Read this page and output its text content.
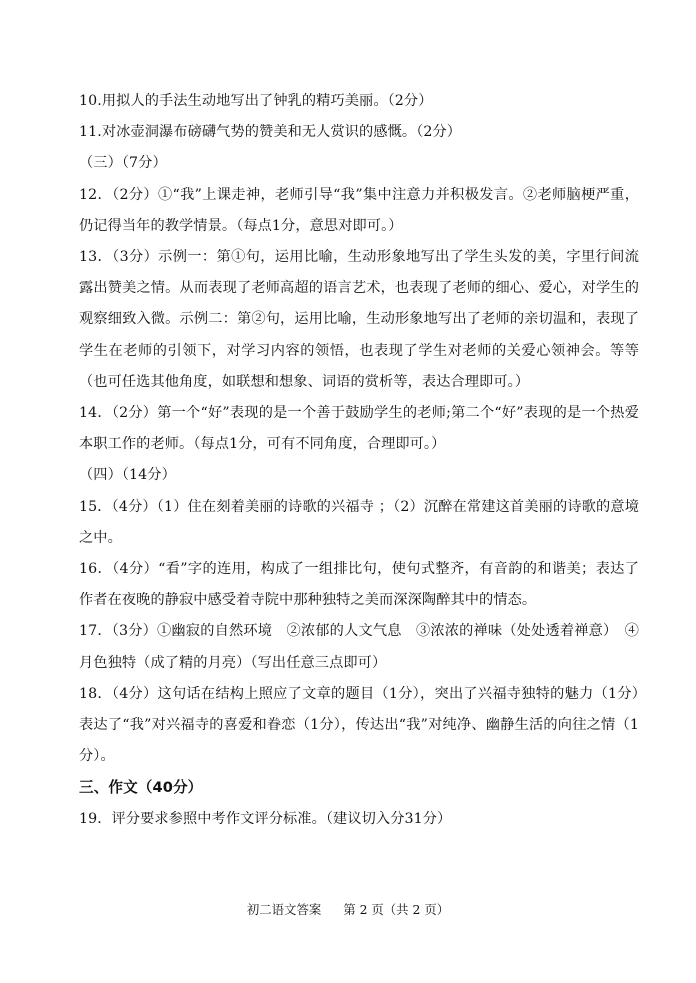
10.用拟人的手法生动地写出了钟乳的精巧美丽。（2分）

11.对冰壶洞瀑布磅礴气势的赞美和无人赏识的感慨。（2分）

（三）（7分）

12．（2分）①“我”上课走神，老师引导“我”集中注意力并积极发言。②老师脑梗严重，仍记得当年的教学情景。（每点1分，意思对即可。）

13．（3分）示例一：第①句，运用比喻，生动形象地写出了学生头发的美，字里行间流露出赞美之情。从而表现了老师高超的语言艺术，也表现了老师的细心、爱心，对学生的观察细致入微。示例二：第②句，运用比喻，生动形象地写出了老师的亲切温和，表现了学生在老师的引领下，对学习内容的领悟，也表现了学生对老师的关爱心领神会。等等（也可任选其他角度，如联想和想象、词语的赏析等，表达合理即可。）

14．（2分）第一个“好”表现的是一个善于鼓励学生的老师;第二个“好”表现的是一个热爱本职工作的老师。（每点1分，可有不同角度，合理即可。）

（四）（14分）

15．（4分）（1）住在刻着美丽的诗歌的兴福寺 ；（2）沉醉在常建这首美丽的诗歌的意境之中。

16．（4分）“看”字的连用，构成了一组排比句，使句式整齐，有音韵的和谐美；表达了作者在夜晚的静寂中感受着寺院中那种独特之美而深深陶醉其中的情态。

17．（3分）①幽寂的自然环境　②浓郁的人文气息　③浓浓的禅味（处处透着禅意）　④月色独特（成了精的月亮）（写出任意三点即可）

18．（4分）这句话在结构上照应了文章的题目（1分），突出了兴福寺独特的魅力（1分）表达了“我”对兴福寺的喜爱和眷恋（1分），传达出“我”对纯净、幽静生活的向往之情（1分）。

三、作文（40分）

19．评分要求参照中考作文评分标准。（建议切入分31分）

初二语文答案 第 2 页（共 2 页）
